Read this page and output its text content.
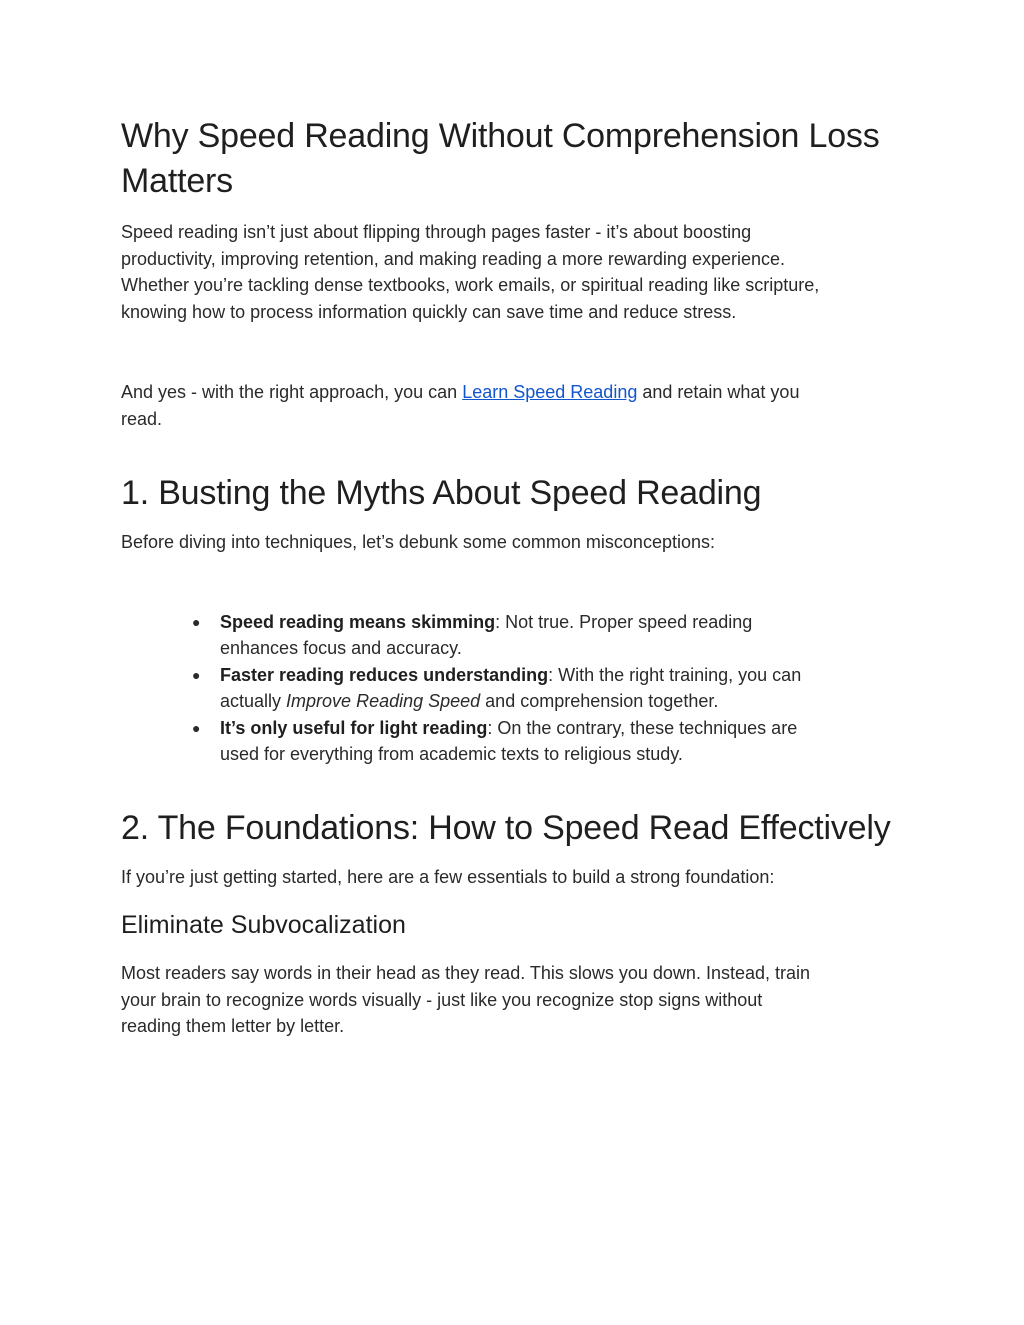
Why Speed Reading Without Comprehension Loss
Matters

Speed reading isn’t just about flipping through pages faster - it’s about boosting
productivity, improving retention, and making reading a more rewarding experience.
Whether you’re tackling dense textbooks, work emails, or spiritual reading like scripture,
knowing how to process information quickly can save time and reduce stress.

And yes - with the right approach, you can Learn Speed Reading and retain what you
read.

1. Busting the Myths About Speed Reading

Before diving into techniques, let’s debunk some common misconceptions:

● Speed reading means skimming: Not true. Proper speed reading
enhances focus and accuracy.
● Faster reading reduces understanding: With the right training, you can
actually Improve Reading Speed and comprehension together.
● It’s only useful for light reading: On the contrary, these techniques are
used for everything from academic texts to religious study.
2. The Foundations: How to Speed Read Effectively

If you’re just getting started, here are a few essentials to build a strong foundation:

Eliminate Subvocalization

Most readers say words in their head as they read. This slows you down. Instead, train
your brain to recognize words visually - just like you recognize stop signs without
reading them letter by letter.
